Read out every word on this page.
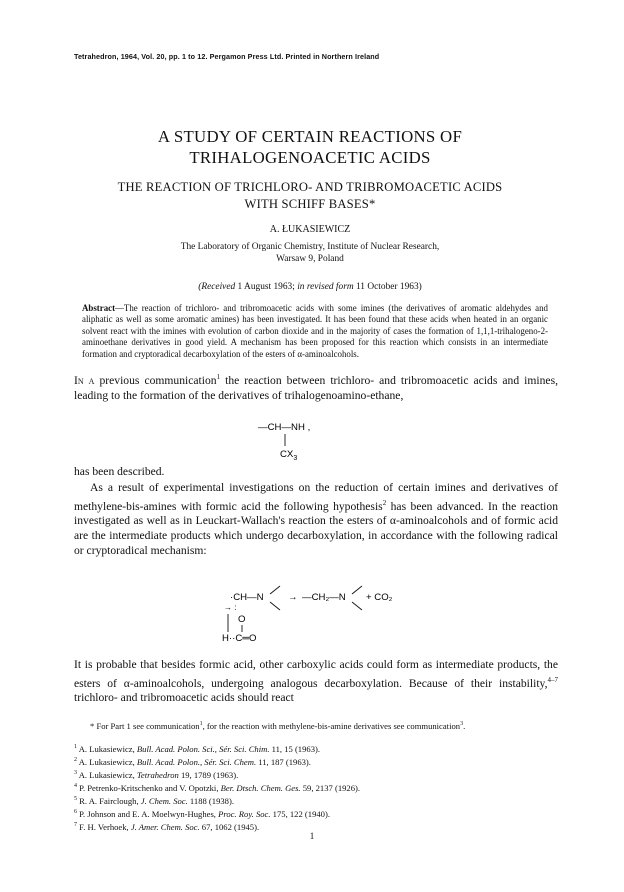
Tetrahedron, 1964, Vol. 20, pp. 1 to 12. Pergamon Press Ltd. Printed in Northern Ireland
A STUDY OF CERTAIN REACTIONS OF
TRIHALOGENOACETIC ACIDS
THE REACTION OF TRICHLORO- AND TRIBROMOACETIC ACIDS
WITH SCHIFF BASES*
A. ŁUKASIEWICZ
The Laboratory of Organic Chemistry, Institute of Nuclear Research,
Warsaw 9, Poland
(Received 1 August 1963; in revised form 11 October 1963)
Abstract—The reaction of trichloro- and tribromoacetic acids with some imines (the derivatives of aromatic aldehydes and aliphatic as well as some aromatic amines) has been investigated. It has been found that these acids when heated in an organic solvent react with the imines with evolution of carbon dioxide and in the majority of cases the formation of 1,1,1-trihalogeno-2-aminoethane derivatives in good yield. A mechanism has been proposed for this reaction which consists in an intermediate formation and cryptoradical decarboxylation of the esters of α-aminoalcohols.
In a previous communication$^1$ the reaction between trichloro- and tribromoacetic acids and imines, leading to the formation of the derivatives of trihalogenoamino-ethane,
—CH—NH ,
$CX_3$
has been described.
As a result of experimental investigations on the reduction of certain imines and derivatives of methylene-bis-amines with formic acid the following hypothesis$^2$ has been advanced. In the reaction investigated as well as in Leuckart-Wallach's reaction the esters of α-aminoalcohols and of formic acid are the intermediate products which undergo decarboxylation, in accordance with the following radical or cryptoradical mechanism:
·CH—N	→ —CH₂—N + CO₂
→ :
O
H··C═O
It is probable that besides formic acid, other carboxylic acids could form as intermediate products, the esters of α-aminoalcohols, undergoing analogous decarboxylation. Because of their instability,$^{4-7}$ trichloro- and tribromoacetic acids should react
* For Part 1 see communication$^1$, for the reaction with methylene-bis-amine derivatives see communication$^3$.
$^1$ A. Lukasiewicz, Bull. Acad. Polon. Sci., Sér. Sci. Chim. 11, 15 (1963).
$^2$ A. Lukasiewicz, Bull. Acad. Polon., Sér. Sci. Chem. 11, 187 (1963).
$^3$ A. Lukasiewicz, Tetrahedron 19, 1789 (1963).
$^4$ P. Petrenko-Kritschenko and V. Opotzki, Ber. Dtsch. Chem. Ges. 59, 2137 (1926).
$^5$ R. A. Fairclough, J. Chem. Soc. 1188 (1938).
$^6$ P. Johnson and E. A. Moelwyn-Hughes, Proc. Roy. Soc. 175, 122 (1940).
$^7$ F. H. Verhoek, J. Amer. Chem. Soc. 67, 1062 (1945).
1
